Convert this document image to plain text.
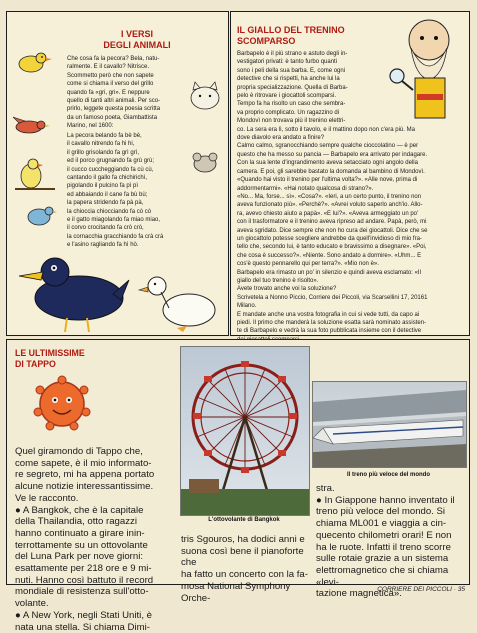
I VERSI
DEGLI ANIMALI
Che cosa fa la pecora? Bela, natu-
ralmente. E il cavallo? Nitrisce.
Scommetto però che non sapete
come si chiama il verso del grillo
quando fa «gri, gri». E neppure
quello di tanti altri animali. Per sco-
prirlo, leggete questa poesia scritta
da un famoso poeta, Giambattista
Marino, nel 1600:
La pecora belando fa bè bè,
il cavallo nitrendo fa hi hi,
il grillo grisolando fa grì grì,
ed il porco grugnando fa grù grù;
il cucco cuccheggiando fa cù cù,
cantando il gallo fa chichirichì,
pigolando il pulcino fa pì pì
ed abbaiando il cane fa bù bù;
la papera stridendo fa pà pà,
la chioccia chiocciando fa cò cò
e il gatto miagolando fa miao miao,
il corvo crocitando fa crò crò,
la cornacchia gracchiando fa crà crà
e l'asino ragliando fa hì hò.
IL GIALLO DEL TRENINO
SCOMPARSO
Barbapelo è il più strano e astuto degli in-
vestigatori privati: è tanto furbo quanti
sono i peli della sua barba. E, come ogni
detective che si rispetti, ha anche lui la
propria specializzazione. Quella di Barba-
pelo è ritrovare i giocattoli scomparsi.
Tempo fa ha risolto un caso che sembra-
va proprio complicato. Un ragazzino di
Mondovì non trovava più il trenino elettri-
co. La sera era lì, sotto il tavolo, e il mattino dopo non c'era più. Ma
dove diavolo era andato a finire?
Calmo calmo, sgranocchiando sempre qualche cioccolatino — è per
questo che ha messo su pancia — Barbapelo era arrivato per indagare.
Con la sua lente d'ingrandimento aveva setacciato ogni angolo della
camera. E poi, gli sarebbe bastato la domanda al bambino di Mondovì.
«Quando hai visto il trenino per l'ultima volta?». «Alle nove, prima di
addormentarmi». «Hai notato qualcosa di strano?».
«No... Ma, forse... sì». «Cosa?». «Ieri, a un certo punto, il trenino non
aveva funzionato più». «Perché?». «Avrei voluto saperlo anch'io. Allo-
ra, avevo chiesto aiuto a papà». «E lui?». «Aveva armeggiato un po'
con il trasformatore e il trenino aveva ripreso ad andare. Papà, però, mi
aveva sgridato. Dice sempre che non ho cura dei giocattoli. Dice che se
un giocattolo potesse scegliere andrebbe da quell'invidioso di mio fra-
tello che, secondo lui, è tanto educato e bravissimo a disegnare». «Poi,
che cosa è successo?». «Niente. Sono andato a dormire». «Uhm... E
cos'è questo pennarello qui per terra?». «Mio non è».
Barbapelo era rimasto un po' in silenzio e quindi aveva esclamato: «Il
giallo del tuo trenino è risolto».
Avete trovato anche voi la soluzione?
Scrivetela a Nonno Piccio, Corriere dei Piccoli, via Scarsellini 17, 20161
Milano.
E mandate anche una vostra fotografia in cui si vede tutti, da capo ai
piedi. Il primo che manderà la soluzione esatta sarà nominato assisten-
te di Barbapelo e vedrà la sua foto pubblicata insieme con il detective
LE ULTIMISSIME
DI TAPPO
Quel giramondo di Tappo che,
come sapete, è il mio informato-
re segreto, mi ha appena portato
alcune notizie interessantissime.
Ve le racconto.
● A Bangkok, che è la capitale
della Thailandia, otto ragazzi
hanno continuato a girare inin-
terrottamente su un ottovolante
del Luna Park per nove giorni:
esattamente per 218 ore e 9 mi-
nuti. Hanno così battuto il record
mondiale di resistenza sull'otto-
volante.
● A New York, negli Stati Uniti, è
nata una stella. Si chiama Dimi-
L'ottovolante di Bangkok
Il treno più veloce del mondo
tris Sgouros, ha dodici anni e
suona così bene il pianoforte che
ha fatto un concerto con la fa-
mosa National Symphony Orche-
stra.
● In Giappone hanno inventato il
treno più veloce del mondo. Si
chiama ML001 e viaggia a cin-
quecento chilometri orari! E non
ha le ruote. Infatti il treno scorre
sulle rotaie grazie a un sistema
elettromagnetico che si chiama «levi-
tazione magnetica».
CORRIERE DEI PICCOLI · 35
